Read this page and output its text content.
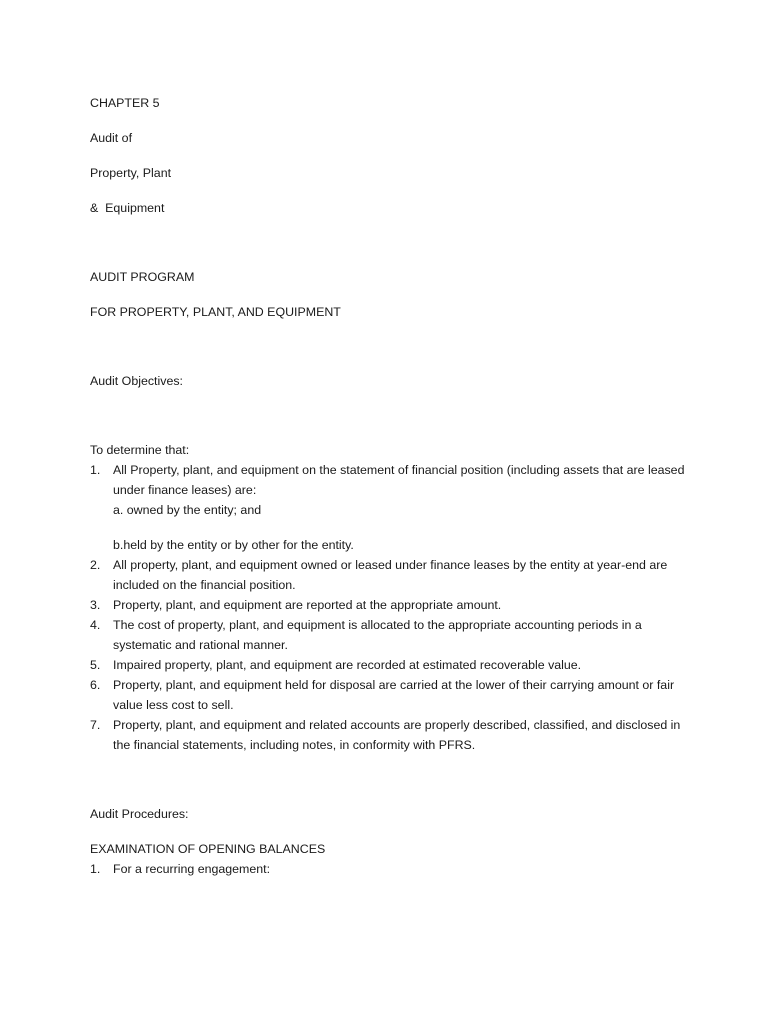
CHAPTER 5
Audit of
Property, Plant
&  Equipment
AUDIT PROGRAM
FOR PROPERTY, PLANT, AND EQUIPMENT
Audit Objectives:
To determine that:
1.	All Property, plant, and equipment on the statement of financial position (including assets that are leased under finance leases) are:
a. owned by the entity; and
b.held by the entity or by other for the entity.
2.	All property, plant, and equipment owned or leased under finance leases by the entity at year-end are included on the financial position.
3.	Property, plant, and equipment are reported at the appropriate amount.
4.	The cost of property, plant, and equipment is allocated to the appropriate accounting periods in a systematic and rational manner.
5.	Impaired property, plant, and equipment are recorded at estimated recoverable value.
6.	Property, plant, and equipment held for disposal are carried at the lower of their carrying amount or fair value less cost to sell.
7.	Property, plant, and equipment and related accounts are properly described, classified, and disclosed in the financial statements, including notes, in conformity with PFRS.
Audit Procedures:
EXAMINATION OF OPENING BALANCES
1.	For a recurring engagement:
